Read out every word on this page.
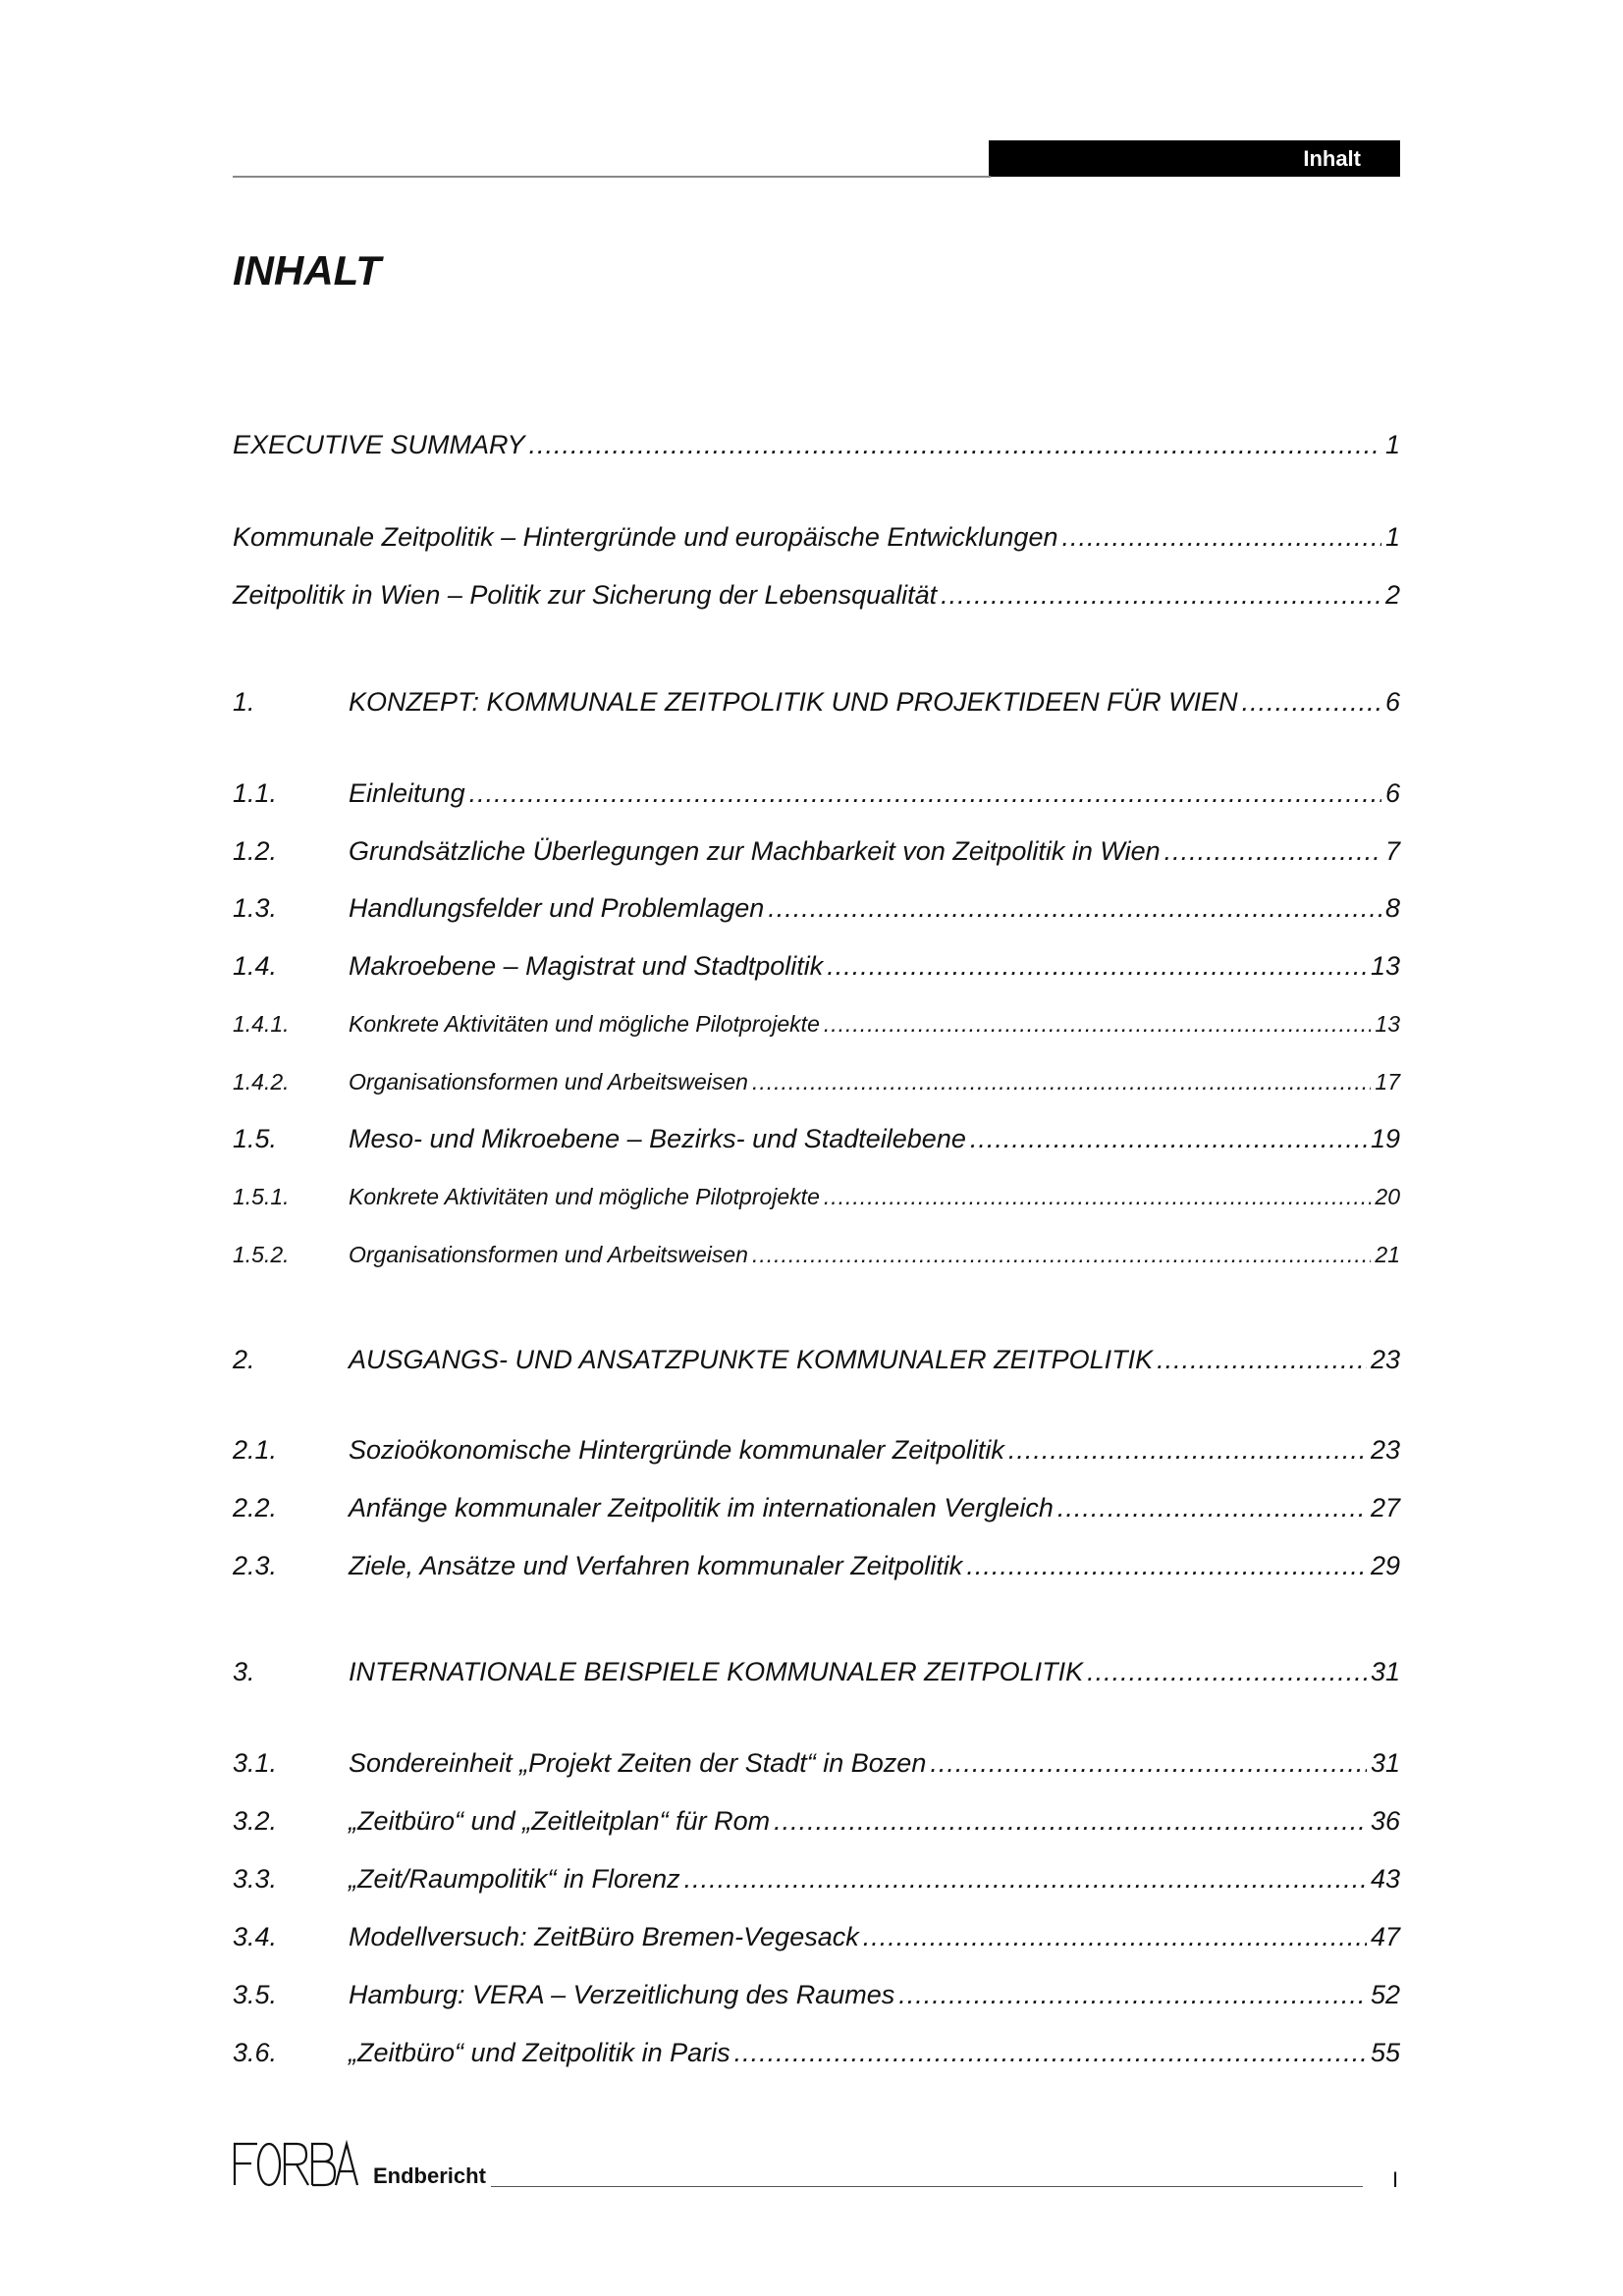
Inhalt
INHALT
EXECUTIVE SUMMARY .....	1
Kommunale Zeitpolitik – Hintergründe und europäische Entwicklungen .....	1
Zeitpolitik in Wien – Politik zur Sicherung der Lebensqualität .....	2
1.	KONZEPT: KOMMUNALE ZEITPOLITIK UND PROJEKTIDEEN FÜR WIEN .....	6
1.1.	Einleitung .....	6
1.2.	Grundsätzliche Überlegungen zur Machbarkeit von Zeitpolitik in Wien .....	7
1.3.	Handlungsfelder und Problemlagen .....	8
1.4.	Makroebene – Magistrat und Stadtpolitik .....	13
1.4.1.	Konkrete Aktivitäten und mögliche Pilotprojekte .....	13
1.4.2.	Organisationsformen und Arbeitsweisen .....	17
1.5.	Meso- und Mikroebene – Bezirks- und Stadteilebene .....	19
1.5.1.	Konkrete Aktivitäten und mögliche Pilotprojekte .....	20
1.5.2.	Organisationsformen und Arbeitsweisen .....	21
2.	AUSGANGS- UND ANSATZPUNKTE KOMMUNALER ZEITPOLITIK .....	23
2.1.	Sozioökonomische Hintergründe kommunaler Zeitpolitik .....	23
2.2.	Anfänge kommunaler Zeitpolitik im internationalen Vergleich .....	27
2.3.	Ziele, Ansätze und Verfahren kommunaler Zeitpolitik .....	29
3.	INTERNATIONALE BEISPIELE KOMMUNALER ZEITPOLITIK .....	31
3.1.	Sondereinheit „Projekt Zeiten der Stadt“ in Bozen .....	31
3.2.	„Zeitbüro“ und „Zeitleitplan“ für Rom .....	36
3.3.	„Zeit/Raumpolitik“ in Florenz .....	43
3.4.	Modellversuch: ZeitBüro Bremen-Vegesack .....	47
3.5.	Hamburg: VERA – Verzeitlichung des Raumes .....	52
3.6.	„Zeitbüro“ und Zeitpolitik in Paris .....	55
Endbericht	I
